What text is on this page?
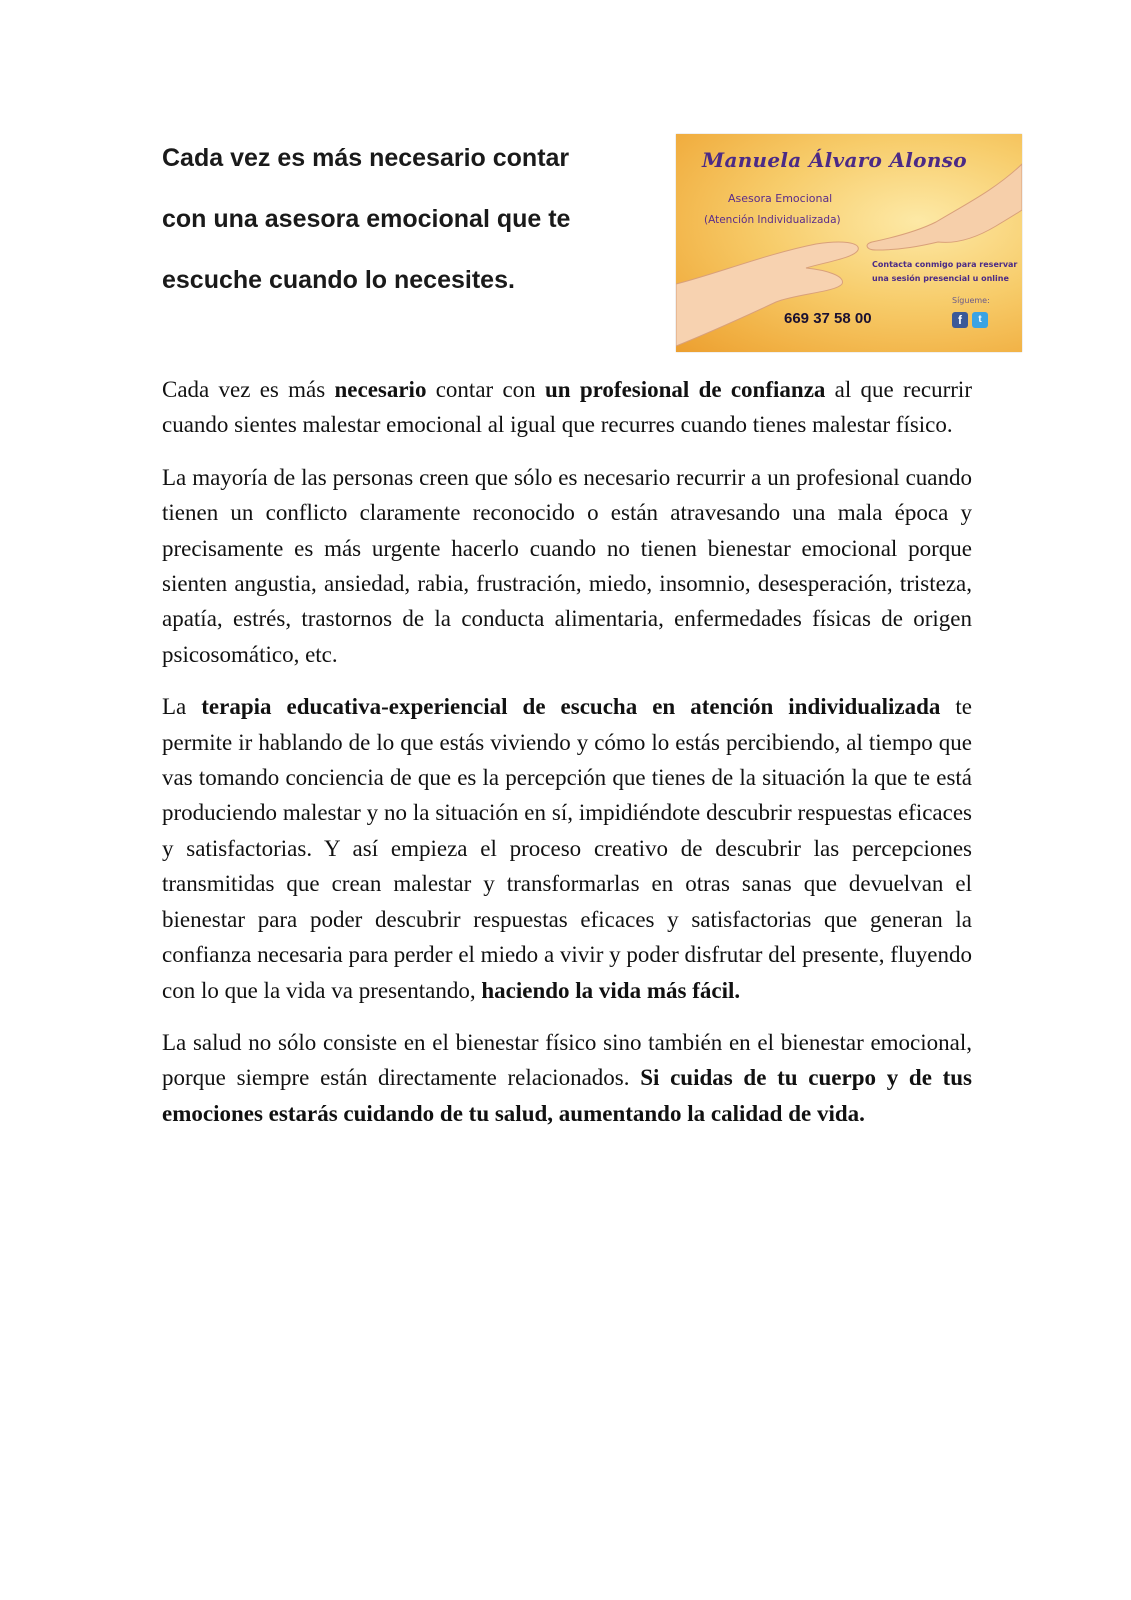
Cada vez es más necesario contar
con una asesora emocional que te
escuche cuando lo necesites.
Manuela Álvaro Alonso
Asesora Emocional
(Atención Individualizada)
Contacta conmigo para reservar
una sesión presencial u online
Sígueme:
669 37 58 00	f	t

Cada vez es más necesario contar con un profesional de confianza al que recurrir cuando sientes malestar emocional al igual que recurres cuando tienes malestar físico.

La mayoría de las personas creen que sólo es necesario recurrir a un profesional cuando tienen un conflicto claramente reconocido o están atravesando una mala época y precisamente es más urgente hacerlo cuando no tienen bienestar emocional porque sienten angustia, ansiedad, rabia, frustración, miedo, insomnio, desesperación, tristeza, apatía, estrés, trastornos de la conducta alimentaria, enfermedades físicas de origen psicosomático, etc.

La terapia educativa-experiencial de escucha en atención individualizada te permite ir hablando de lo que estás viviendo y cómo lo estás percibiendo, al tiempo que vas tomando conciencia de que es la percepción que tienes de la situación la que te está produciendo malestar y no la situación en sí, impidiéndote descubrir respuestas eficaces y satisfactorias. Y así empieza el proceso creativo de descubrir las percepciones transmitidas que crean malestar y transformarlas en otras sanas que devuelvan el bienestar para poder descubrir respuestas eficaces y satisfactorias que generan la confianza necesaria para perder el miedo a vivir y poder disfrutar del presente, fluyendo con lo que la vida va presentando, haciendo la vida más fácil.

La salud no sólo consiste en el bienestar físico sino también en el bienestar emocional, porque siempre están directamente relacionados. Si cuidas de tu cuerpo y de tus emociones estarás cuidando de tu salud, aumentando la calidad de vida.
